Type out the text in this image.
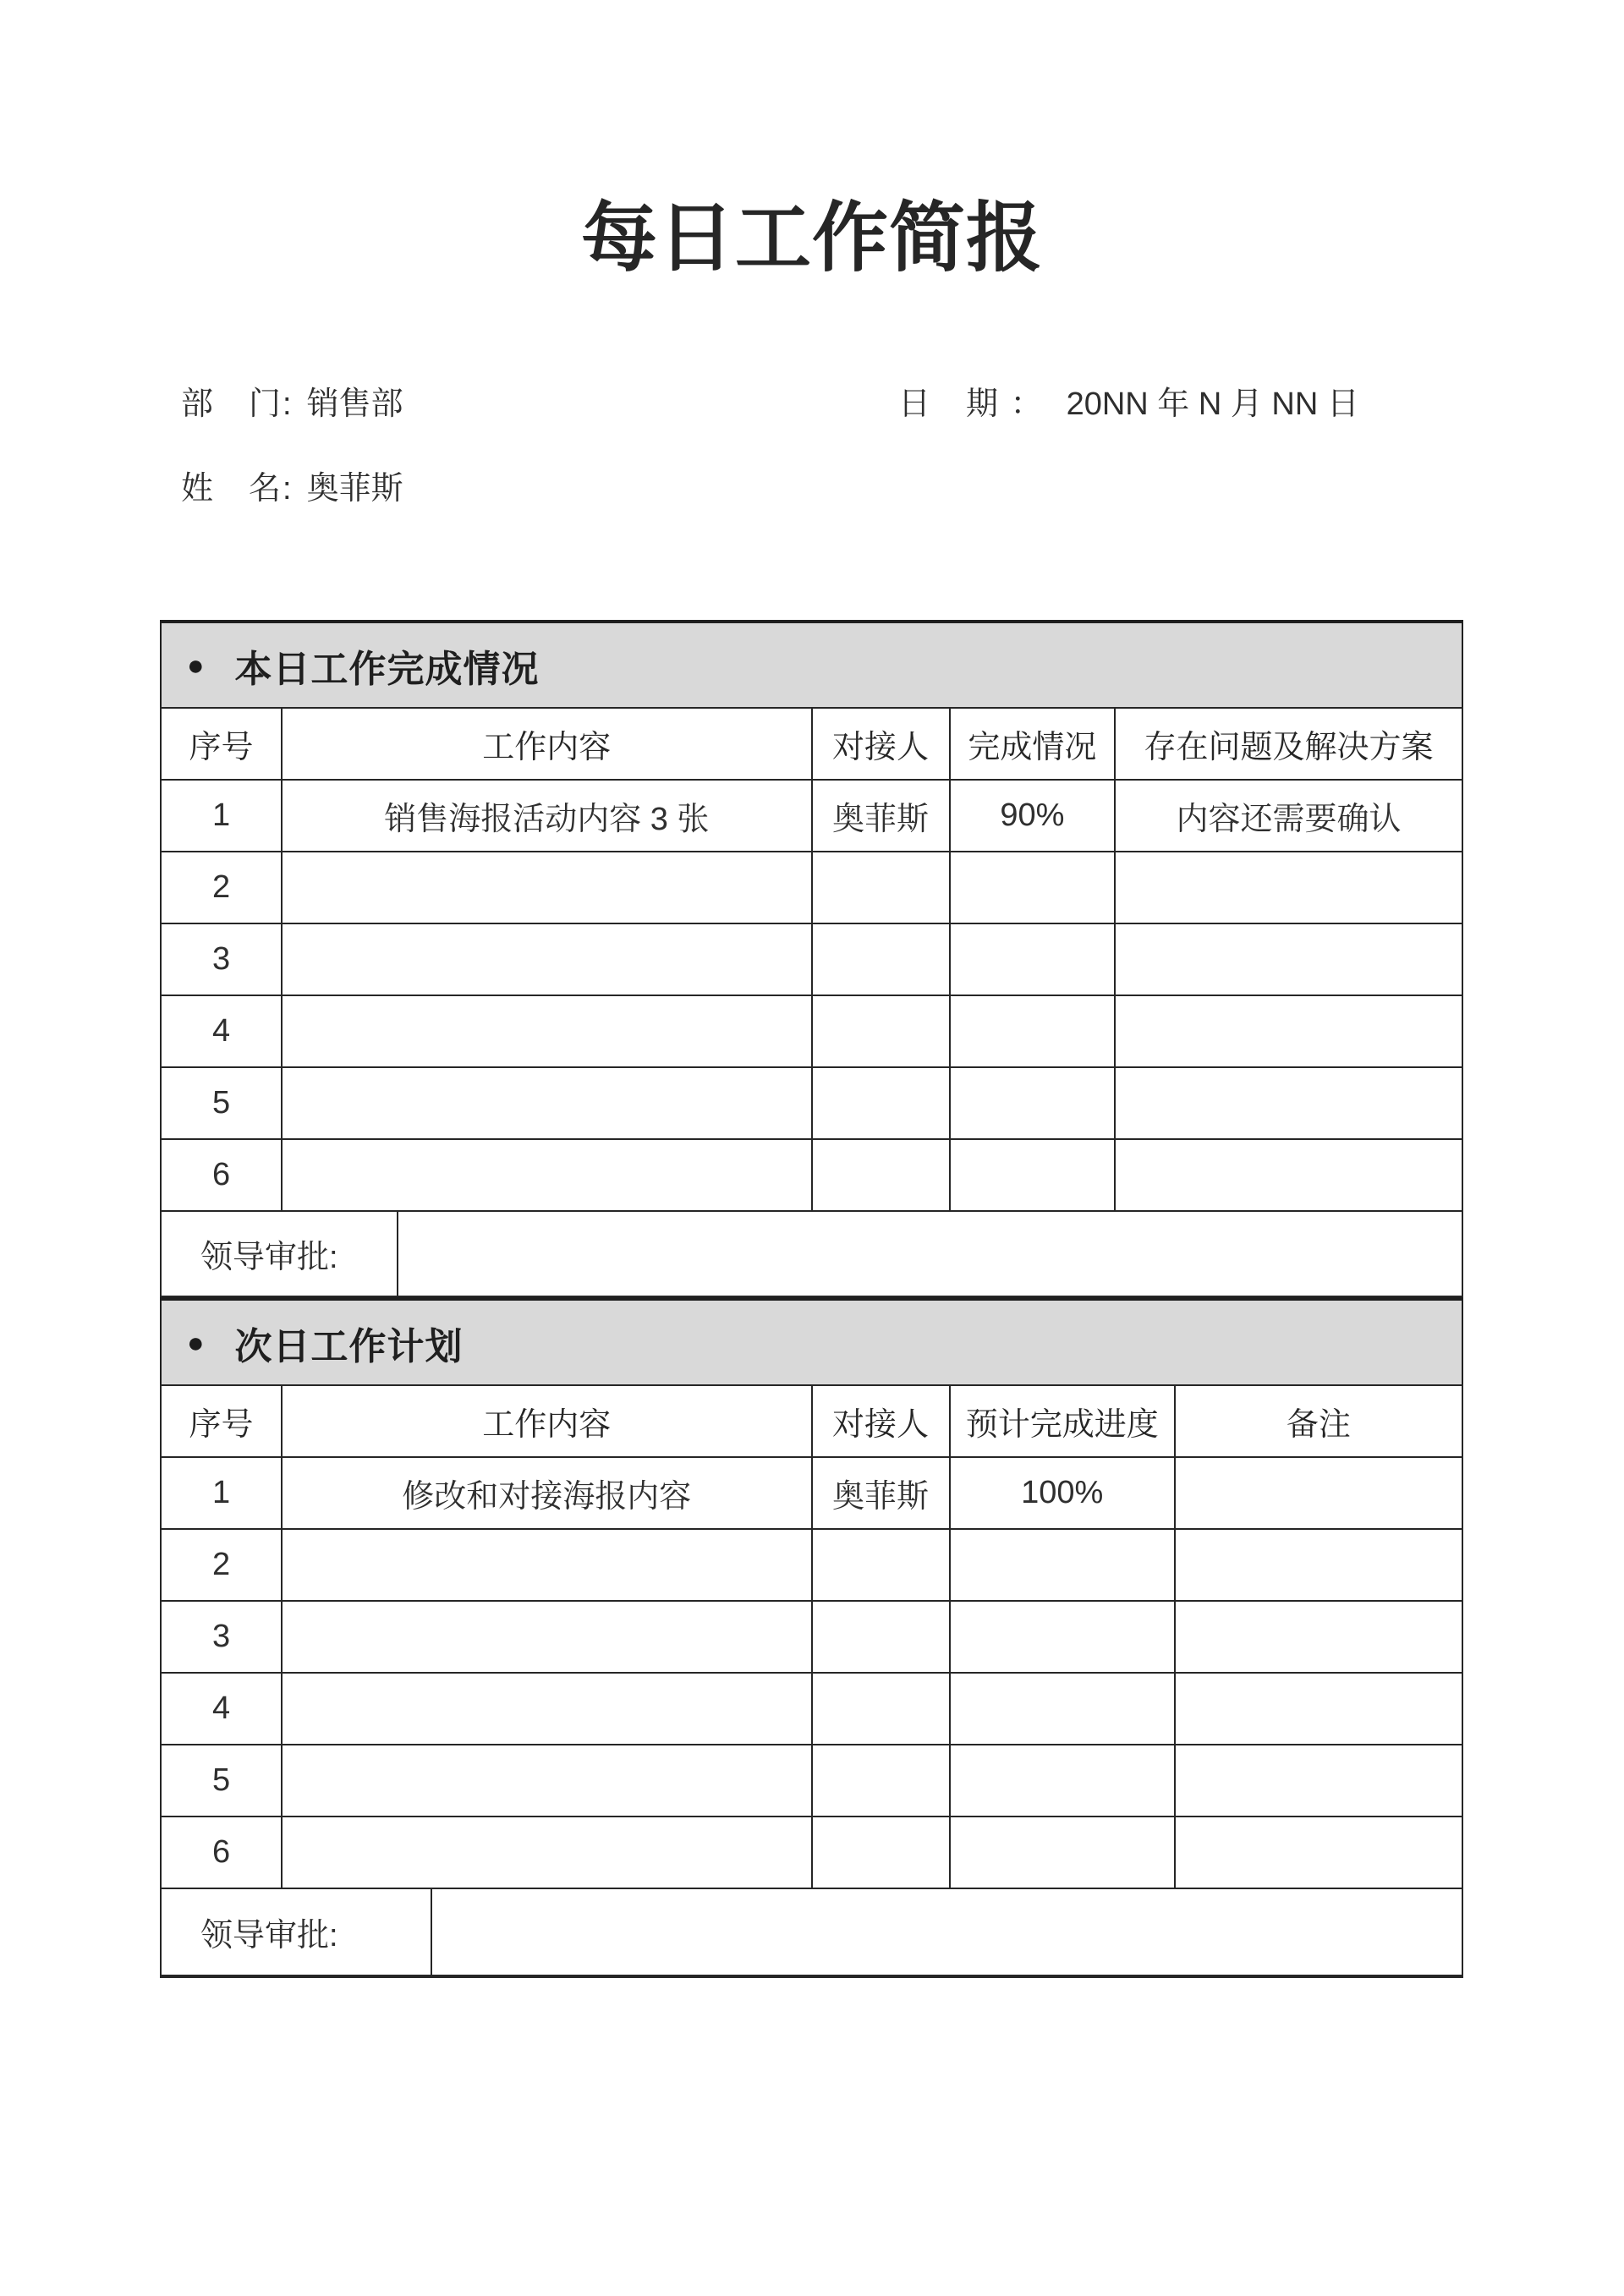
每日工作简报
部　门: 销售部	日　期 ： 20NN 年 N 月 NN 日
姓　名: 奥菲斯
● 本日工作完成情况
序号	工作内容	对接人	完成情况	存在问题及解决方案
1	销售海报活动内容 3 张	奥菲斯	90%	内容还需要确认
2				
3				
4				
5				
6				
领导审批:
● 次日工作计划
序号	工作内容	对接人	预计完成进度	备注
1	修改和对接海报内容	奥菲斯	100%	
2				
3				
4				
5				
6				
领导审批:
